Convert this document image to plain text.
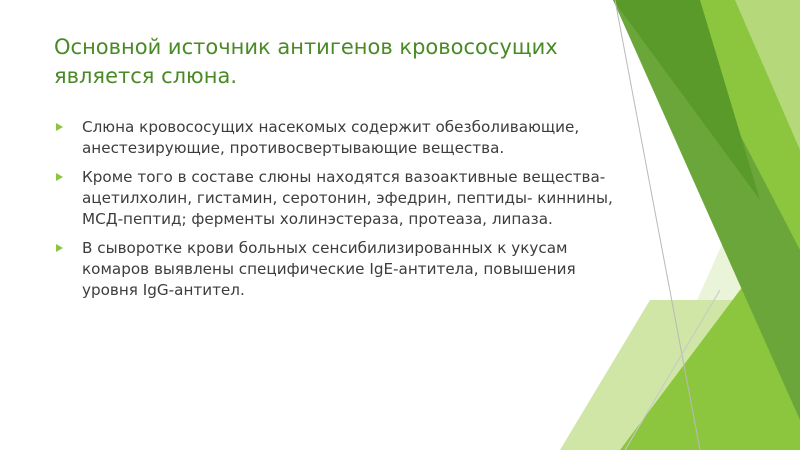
Основной источник антигенов кровососущих является слюна.
Слюна кровососущих насекомых содержит обезболивающие, анестезирующие, противосвертывающие вещества.
Кроме того в составе слюны находятся вазоактивные вещества- ацетилхолин, гистамин, серотонин, эфедрин, пептиды- киннины, МСД-пептид; ферменты холинэстераза, протеаза, липаза.
В сыворотке крови больных сенсибилизированных к укусам комаров выявлены специфические IgE-антитела, повышения уровня IgG-антител.
